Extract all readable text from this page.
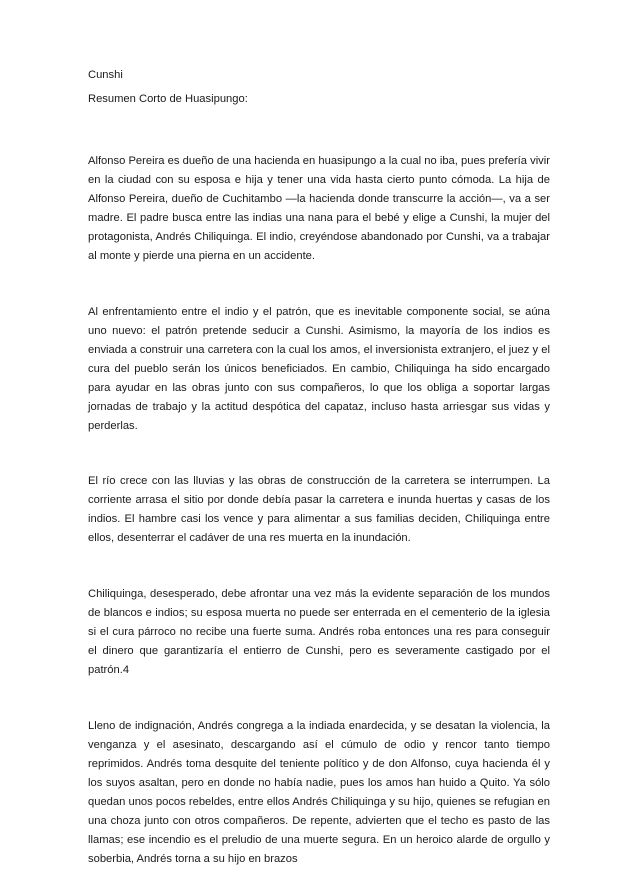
Cunshi

Resumen Corto de Huasipungo:

Alfonso Pereira es dueño de una hacienda en huasipungo a la cual no iba, pues prefería vivir en la ciudad con su esposa e hija y tener una vida hasta cierto punto cómoda. La hija de Alfonso Pereira, dueño de Cuchitambo —la hacienda donde transcurre la acción—, va a ser madre. El padre busca entre las indias una nana para el bebé y elige a Cunshi, la mujer del protagonista, Andrés Chiliquinga. El indio, creyéndose abandonado por Cunshi, va a trabajar al monte y pierde una pierna en un accidente.

Al enfrentamiento entre el indio y el patrón, que es inevitable componente social, se aúna uno nuevo: el patrón pretende seducir a Cunshi. Asimismo, la mayoría de los indios es enviada a construir una carretera con la cual los amos, el inversionista extranjero, el juez y el cura del pueblo serán los únicos beneficiados. En cambio, Chiliquinga ha sido encargado para ayudar en las obras junto con sus compañeros, lo que los obliga a soportar largas jornadas de trabajo y la actitud despótica del capataz, incluso hasta arriesgar sus vidas y perderlas.

El río crece con las lluvias y las obras de construcción de la carretera se interrumpen. La corriente arrasa el sitio por donde debía pasar la carretera e inunda huertas y casas de los indios. El hambre casi los vence y para alimentar a sus familias deciden, Chiliquinga entre ellos, desenterrar el cadáver de una res muerta en la inundación.

Chiliquinga, desesperado, debe afrontar una vez más la evidente separación de los mundos de blancos e indios; su esposa muerta no puede ser enterrada en el cementerio de la iglesia si el cura párroco no recibe una fuerte suma. Andrés roba entonces una res para conseguir el dinero que garantizaría el entierro de Cunshi, pero es severamente castigado por el patrón.4

Lleno de indignación, Andrés congrega a la indiada enardecida, y se desatan la violencia, la venganza y el asesinato, descargando así el cúmulo de odio y rencor tanto tiempo reprimidos. Andrés toma desquite del teniente político y de don Alfonso, cuya hacienda él y los suyos asaltan, pero en donde no había nadie, pues los amos han huido a Quito. Ya sólo quedan unos pocos rebeldes, entre ellos Andrés Chiliquinga y su hijo, quienes se refugian en una choza junto con otros compañeros. De repente, advierten que el techo es pasto de las llamas; ese incendio es el preludio de una muerte segura. En un heroico alarde de orgullo y soberbia, Andrés torna a su hijo en brazos
